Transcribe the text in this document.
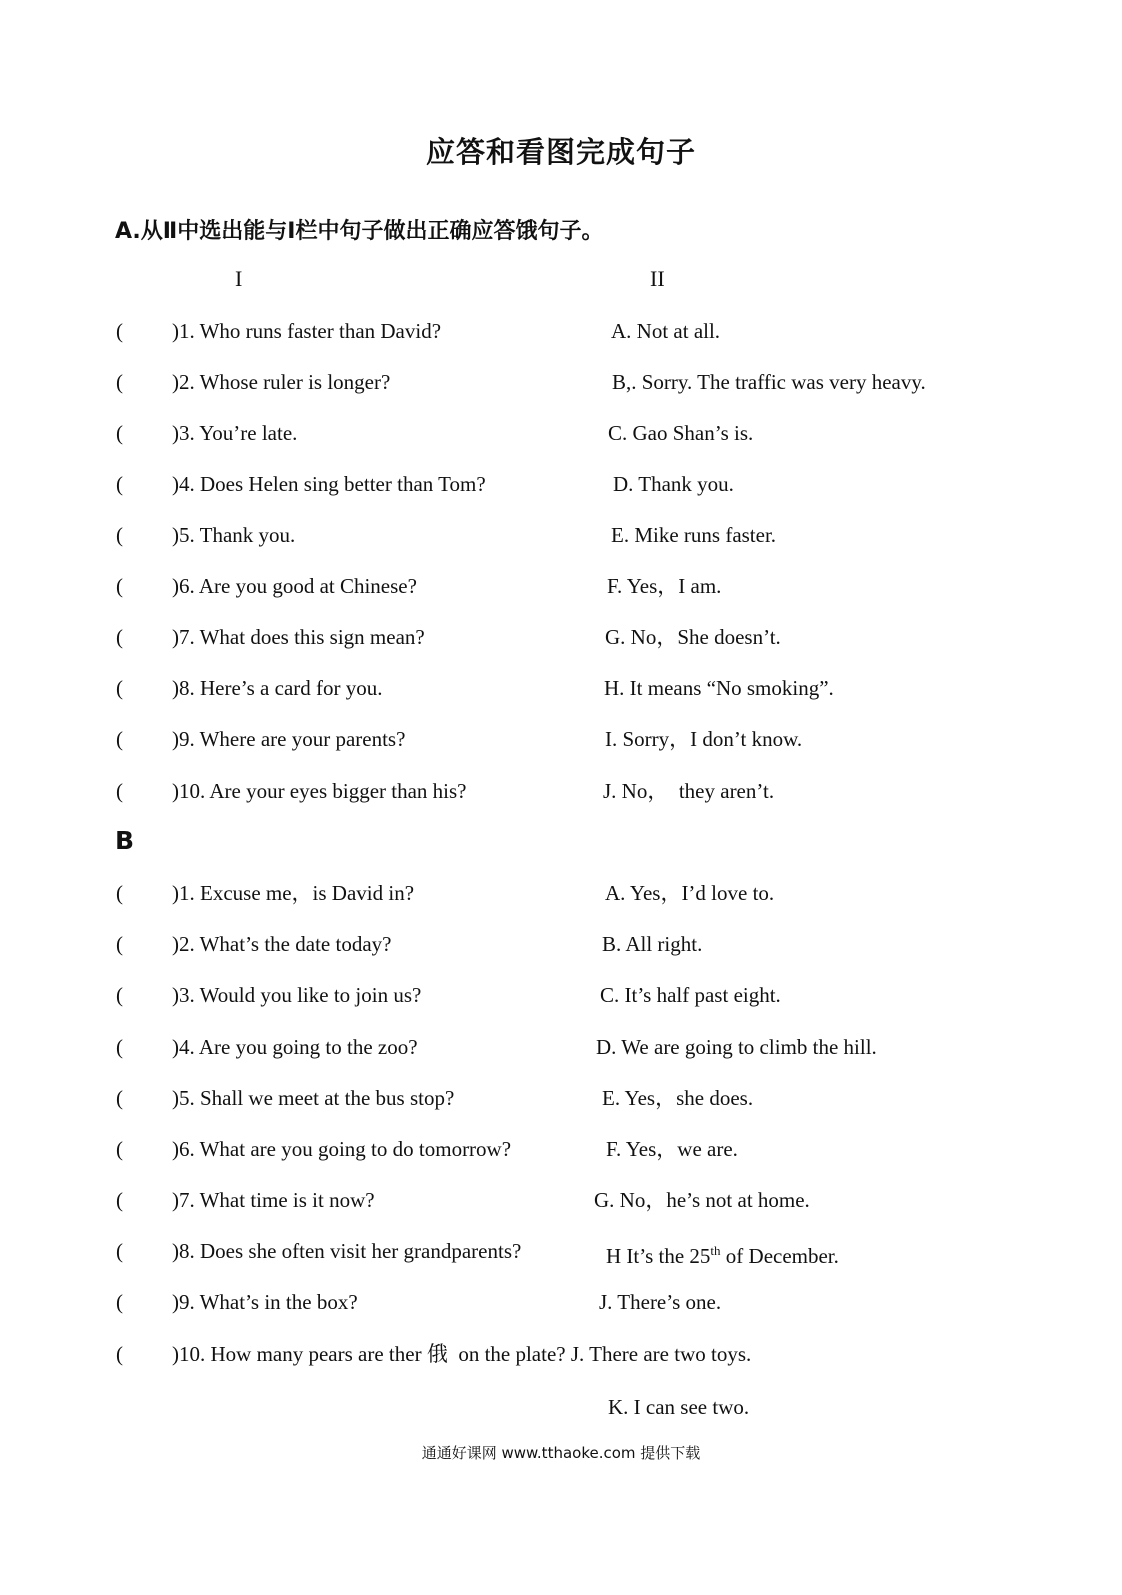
应答和看图完成句子
A.从Ⅱ中选出能与Ⅰ栏中句子做出正确应答饿句子。
I	II
( )1. Who runs faster than David?	A. Not at all.
( )2. Whose ruler is longer?	B,. Sorry. The traffic was very heavy.
( )3. You’re late.	C. Gao Shan’s is.
( )4. Does Helen sing better than Tom?	D. Thank you.
( )5. Thank you.	E. Mike runs faster.
( )6. Are you good at Chinese?	F. Yes，I am.
( )7. What does this sign mean?	G. No，She doesn’t.
( )8. Here’s a card for you.	H. It means “No smoking”.
( )9. Where are your parents?	I. Sorry，I don’t know.
( )10. Are your eyes bigger than his?	J. No，  they aren’t.
B
( )1. Excuse me，is David in?	A. Yes，I’d love to.
( )2. What’s the date today?	B. All right.
( )3. Would you like to join us?	C. It’s half past eight.
( )4. Are you going to the zoo?	D. We are going to climb the hill.
( )5. Shall we meet at the bus stop?	E. Yes，she does.
( )6. What are you going to do tomorrow?	F. Yes，we are.
( )7. What time is it now?	G. No，he’s not at home.
( )8. Does she often visit her grandparents?	H It’s the 25th of December.
( )9. What’s in the box?	J. There’s one.
( )10. How many pears are ther 俄  on the plate? J. There are two toys.
K. I can see two.
通通好课网 www.tthaoke.com 提供下载
